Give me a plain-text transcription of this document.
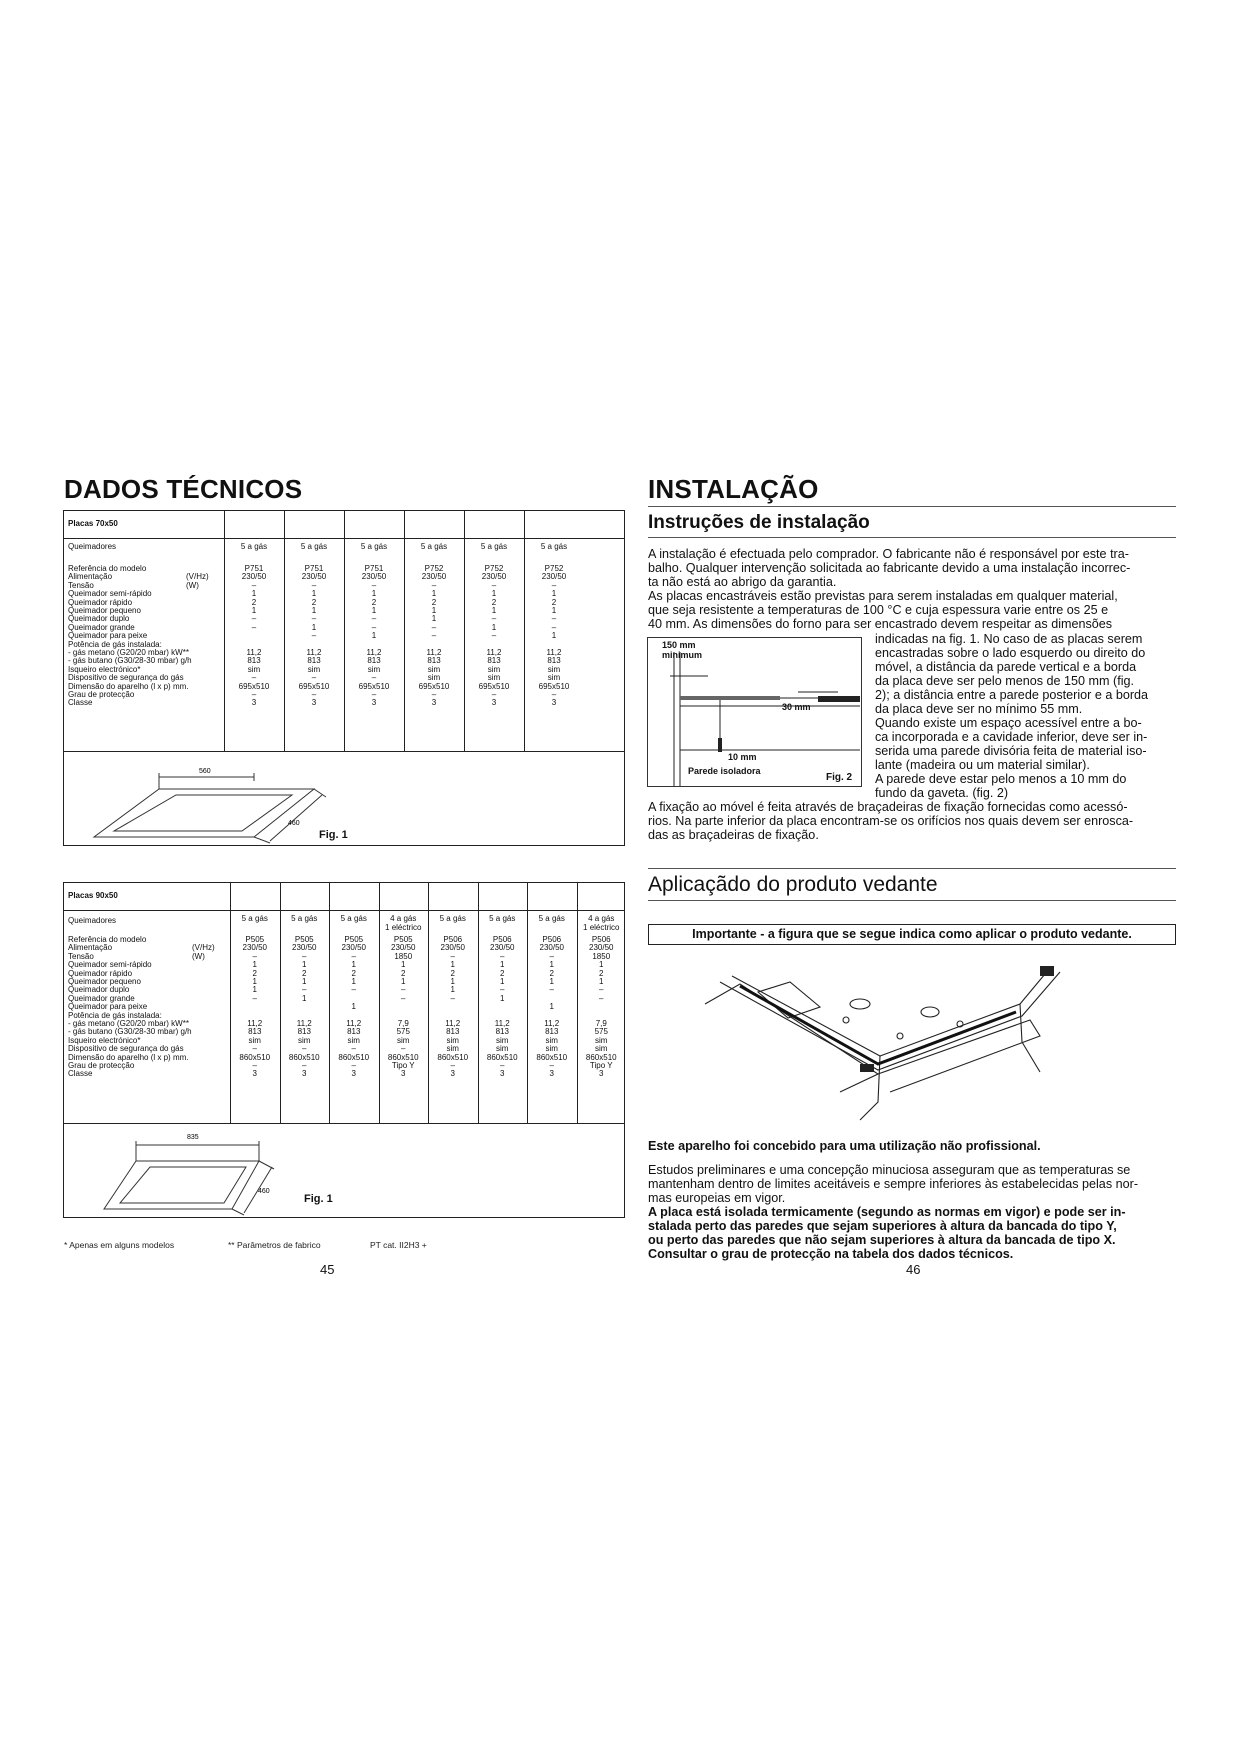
DADOS TÉCNICOS
Placas 70x50
Queimadores
Referência do modelo
Alimentação
Tensão
Queimador semi-rápido
Queimador rápido
Queimador pequeno
Queimador duplo
Queimador grande
Queimador para peixe
Potência de gás instalada:
- gás metano (G20/20 mbar) kW**
- gás butano (G30/28-30 mbar) g/h
Isqueiro electrónico*
Dispositivo de segurança do gás
Dimensão do aparelho (l x p) mm.
Grau de protecção
Classe
(V/Hz)
(W)
5 a gás
P751
230/50
–
1
2
1
–
–
11,2
813
sim
–
695x510
–
3
5 a gás
P751
230/50
–
1
2
1
–
1
–
11,2
813
sim
–
695x510
–
3
5 a gás
P751
230/50
–
1
2
1
–
–
1
11,2
813
sim
–
695x510
–
3
5 a gás
P752
230/50
–
1
2
1
1
–
–
11,2
813
sim
sim
695x510
–
3
5 a gás
P752
230/50
–
1
2
1
–
1
–
11,2
813
sim
sim
695x510
–
3
5 a gás
P752
230/50
–
1
2
1
–
–
1
11,2
813
sim
sim
695x510
–
3
560
460
Fig. 1
Placas 90x50
Queimadores
Referência do modelo
Alimentação
Tensão
Queimador semi-rápido
Queimador rápido
Queimador pequeno
Queimador duplo
Queimador grande
Queimador para peixe
Potência de gás instalada:
- gás metano (G20/20 mbar) kW**
- gás butano (G30/28-30 mbar) g/h
Isqueiro electrónico*
Dispositivo de segurança do gás
Dimensão do aparelho (l x p) mm.
Grau de protecção
Classe
(V/Hz)
(W)
5 a gás
P505
230/50
–
1
2
1
1
–
11,2
813
sim
–
860x510
–
3
5 a gás
P505
230/50
–
1
2
1
–
1
11,2
813
sim
–
860x510
–
3
5 a gás
P505
230/50
–
1
2
1
–
1
11,2
813
sim
–
860x510
–
3
4 a gás
1 eléctrico
P505
230/50
1850
1
2
1
–
–
7,9
575
sim
–
860x510
Tipo Y
3
5 a gás
P506
230/50
–
1
2
1
1
–
11,2
813
sim
sim
860x510
–
3
5 a gás
P506
230/50
–
1
2
1
–
1
11,2
813
sim
sim
860x510
–
3
5 a gás
P506
230/50
–
1
2
1
–
1
11,2
813
sim
sim
860x510
–
3
4 a gás
1 eléctrico
P506
230/50
1850
1
2
1
–
–
7,9
575
sim
sim
860x510
Tipo Y
3
835
460
Fig. 1
* Apenas em alguns modelos	** Parâmetros de fabrico	PT cat. II2H3 +
45
INSTALAÇÃO
Instruções de instalação
A instalação é efectuada pelo comprador. O fabricante não é responsável por este tra-
balho. Qualquer intervenção solicitada ao fabricante devido a uma instalação incorrec-
ta não está ao abrigo da garantia.
As placas encastráveis estão previstas para serem instaladas em qualquer material,
que seja resistente a temperaturas de 100 °C e cuja espessura varie entre os 25 e
40 mm. As dimensões do forno para ser encastrado devem respeitar as dimensões
150 mm
minimum
30 mm
10 mm
Parede isoladora
Fig. 2
indicadas na fig. 1. No caso de as placas serem
encastradas sobre o lado esquerdo ou direito do
móvel, a distância da parede vertical e a borda
da placa deve ser pelo menos de 150 mm (fig.
2); a distância entre a parede posterior e a borda
da placa deve ser no mínimo 55 mm.
Quando existe um espaço acessível entre a bo-
ca incorporada e a cavidade inferior, deve ser in-
serida uma parede divisória feita de material iso-
lante (madeira ou um material similar).
A parede deve estar pelo menos a 10 mm do
fundo da gaveta. (fig. 2)
A fixação ao móvel é feita através de braçadeiras de fixação fornecidas como acessó-
rios. Na parte inferior da placa encontram-se os orifícios nos quais devem ser enrosca-
das as braçadeiras de fixação.
Aplicaçãdo do produto vedante
Importante - a figura que se segue indica como aplicar o produto vedante.
Este aparelho foi concebido para uma utilização não profissional.
Estudos preliminares e uma concepção minuciosa asseguram que as temperaturas se
mantenham dentro de limites aceitáveis e sempre inferiores às estabelecidas pelas nor-
mas europeias em vigor.
A placa está isolada termicamente (segundo as normas em vigor) e pode ser in-
stalada perto das paredes que sejam superiores à altura da bancada do tipo Y,
ou perto das paredes que não sejam superiores à altura da bancada de tipo X.
Consultar o grau de protecção na tabela dos dados técnicos.
46
